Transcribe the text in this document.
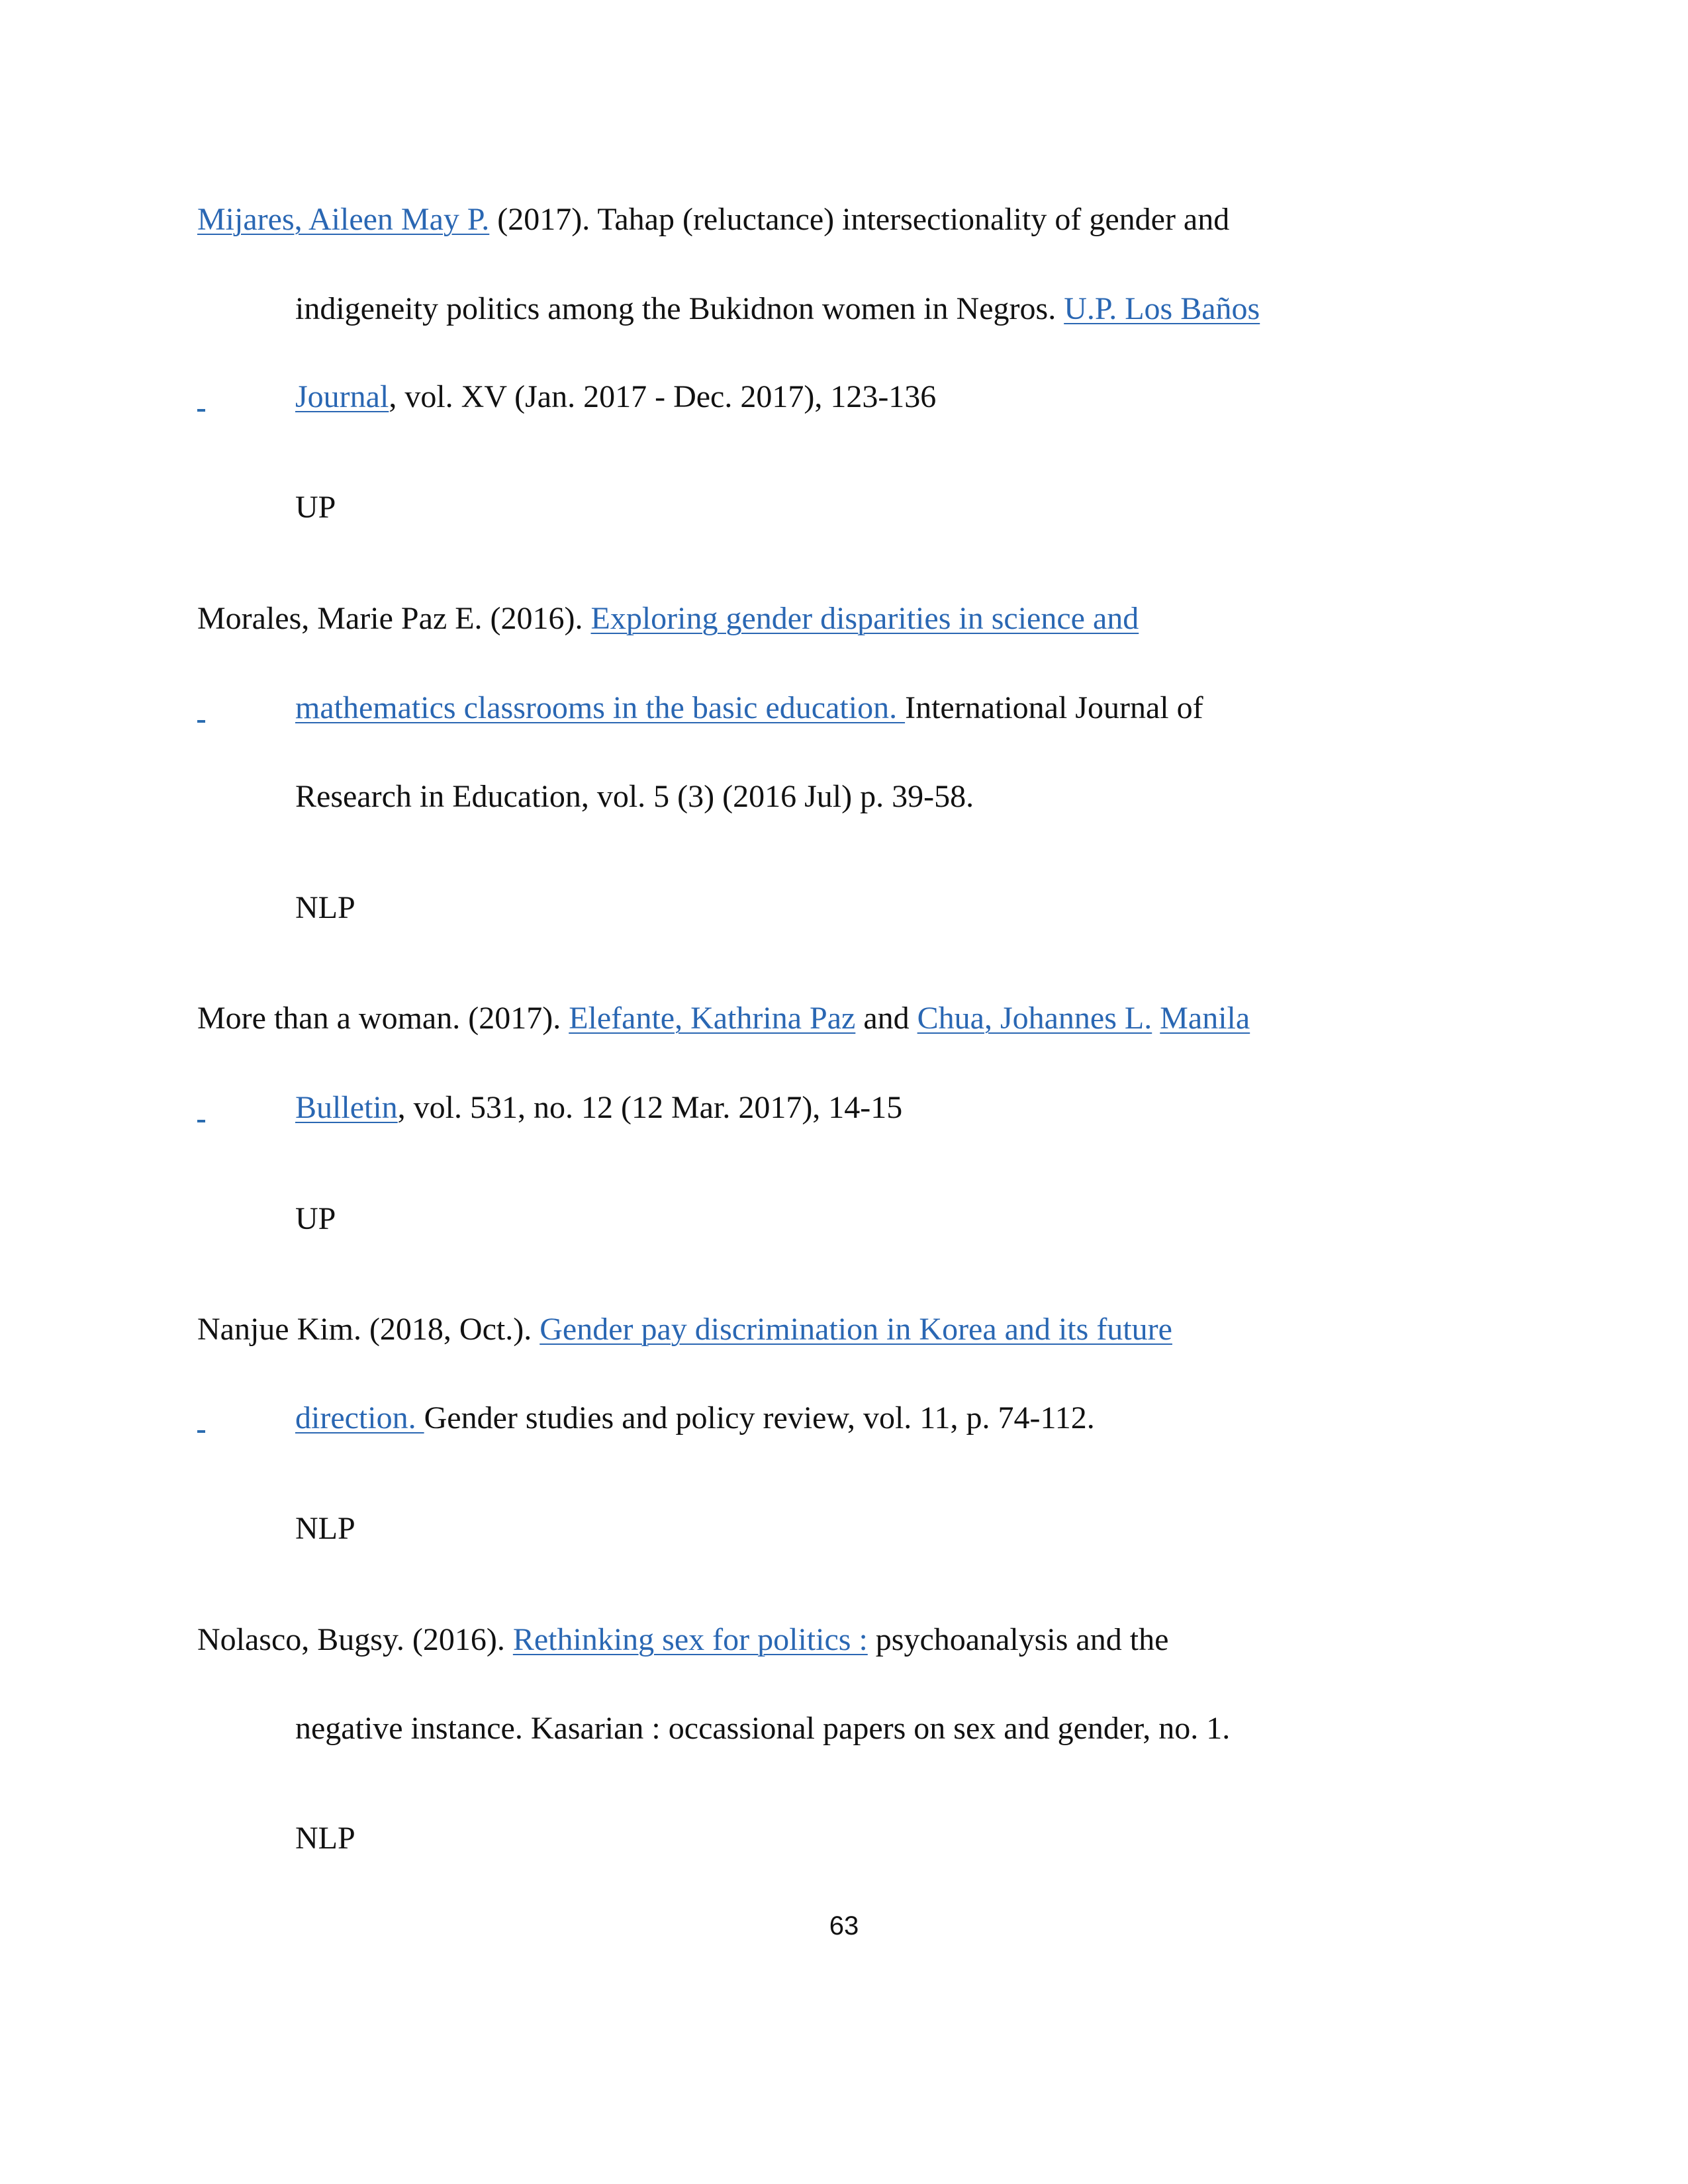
Mijares, Aileen May P. (2017). Tahap (reluctance) intersectionality of gender and
indigeneity politics among the Bukidnon women in Negros. U.P. Los Baños
Journal, vol. XV (Jan. 2017 - Dec. 2017), 123-136
UP
Morales, Marie Paz E. (2016). Exploring gender disparities in science and
mathematics classrooms in the basic education. International Journal of
Research in Education, vol. 5 (3) (2016 Jul) p. 39-58.
NLP
More than a woman. (2017). Elefante, Kathrina Paz and Chua, Johannes L. Manila
Bulletin, vol. 531, no. 12 (12 Mar. 2017), 14-15
UP
Nanjue Kim. (2018, Oct.). Gender pay discrimination in Korea and its future
direction. Gender studies and policy review, vol. 11, p. 74-112.
NLP
Nolasco, Bugsy. (2016). Rethinking sex for politics : psychoanalysis and the
negative instance. Kasarian : occassional papers on sex and gender, no. 1.
NLP
63
